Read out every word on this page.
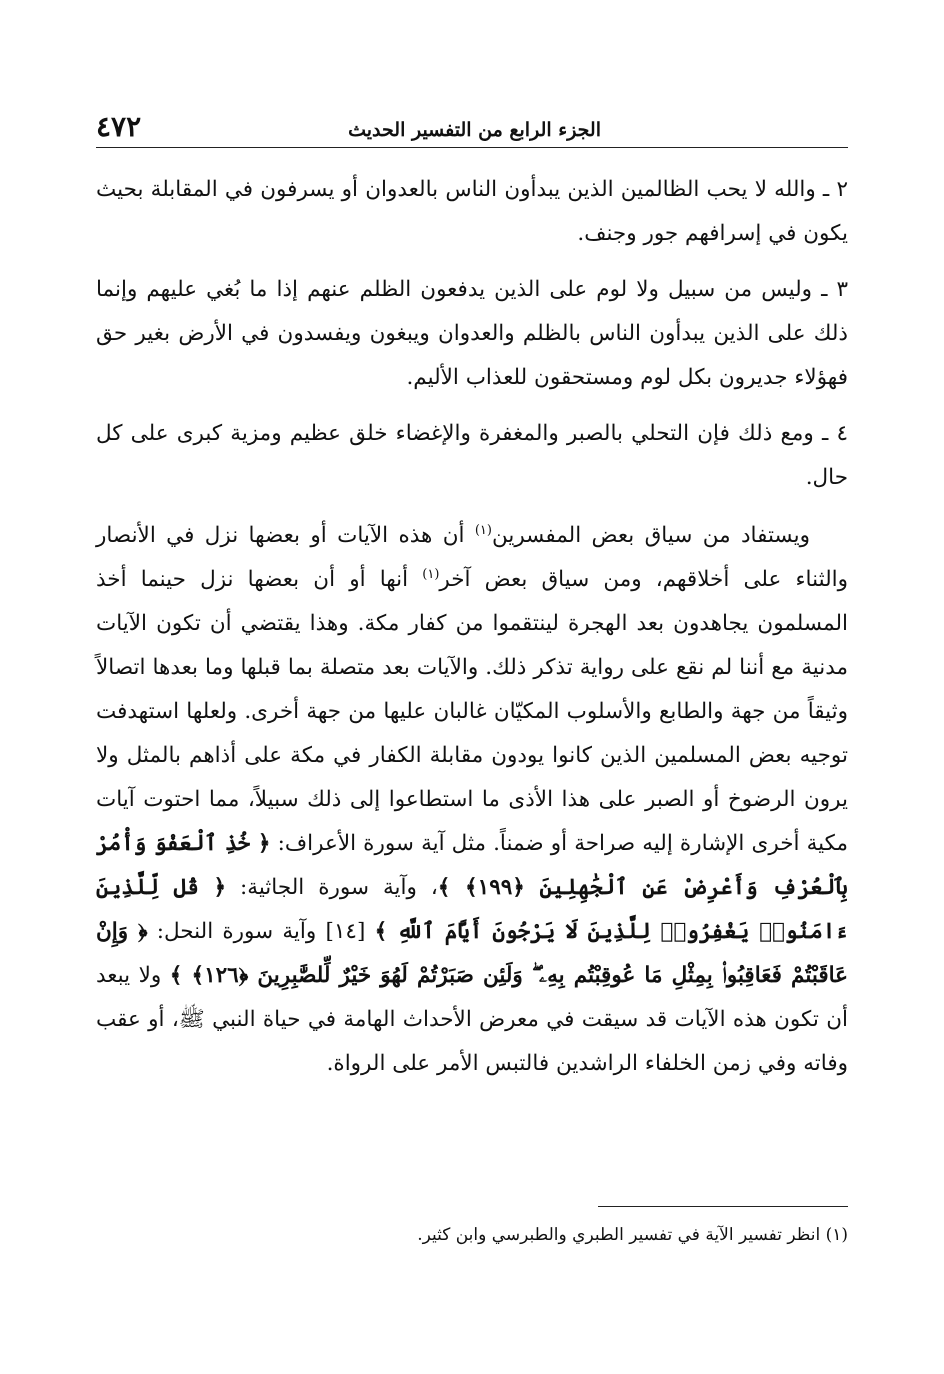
الجزء الرابع من التفسير الحديث
٤٧٢

٢ ـ والله لا يحب الظالمين الذين يبدأون الناس بالعدوان أو يسرفون في المقابلة بحيث يكون في إسرافهم جور وجنف.

٣ ـ وليس من سبيل ولا لوم على الذين يدفعون الظلم عنهم إذا ما بُغي عليهم وإنما ذلك على الذين يبدأون الناس بالظلم والعدوان ويبغون ويفسدون في الأرض بغير حق فهؤلاء جديرون بكل لوم ومستحقون للعذاب الأليم.

٤ ـ ومع ذلك فإن التحلي بالصبر والمغفرة والإغضاء خلق عظيم ومزية كبرى على كل حال.

ويستفاد من سياق بعض المفسرين$^{(١)}$ أن هذه الآيات أو بعضها نزل في الأنصار والثناء على أخلاقهم، ومن سياق بعض آخر$^{(١)}$ أنها أو أن بعضها نزل حينما أخذ المسلمون يجاهدون بعد الهجرة لينتقموا من كفار مكة. وهذا يقتضي أن تكون الآيات مدنية مع أننا لم نقع على رواية تذكر ذلك. والآيات بعد متصلة بما قبلها وما بعدها اتصالاً وثيقاً من جهة والطابع والأسلوب المكيّان غالبان عليها من جهة أخرى. ولعلها استهدفت توجيه بعض المسلمين الذين كانوا يودون مقابلة الكفار في مكة على أذاهم بالمثل ولا يرون الرضوخ أو الصبر على هذا الأذى ما استطاعوا إلى ذلك سبيلاً، مما احتوت آيات مكية أخرى الإشارة إليه صراحة أو ضمناً. مثل آية سورة الأعراف: ﴿ خُذِ ٱلْعَفْوَ وَأْمُرْ بِٱلْعُرْفِ وَأَعْرِضْ عَنِ ٱلْجَٰهِلِينَ ﴿١٩٩﴾ ﴾، وآية سورة الجاثية: ﴿ قُل لِّلَّذِينَ ءَامَنُوا۟ يَغْفِرُوا۟ لِلَّذِينَ لَا يَرْجُونَ أَيَّامَ ٱللَّهِ ﴾ [١٤] وآية سورة النحل: ﴿ وَإِنْ عَاقَبْتُمْ فَعَاقِبُوا۟ بِمِثْلِ مَا عُوقِبْتُم بِهِۦ ۖ وَلَئِن صَبَرْتُمْ لَهُوَ خَيْرٌ لِّلصَّٰبِرِينَ ﴿١٢٦﴾ ﴾ ولا يبعد أن تكون هذه الآيات قد سيقت في معرض الأحداث الهامة في حياة النبي ﷺ، أو عقب وفاته وفي زمن الخلفاء الراشدين فالتبس الأمر على الرواة.

(١) انظر تفسير الآية في تفسير الطبري والطبرسي وابن كثير.
